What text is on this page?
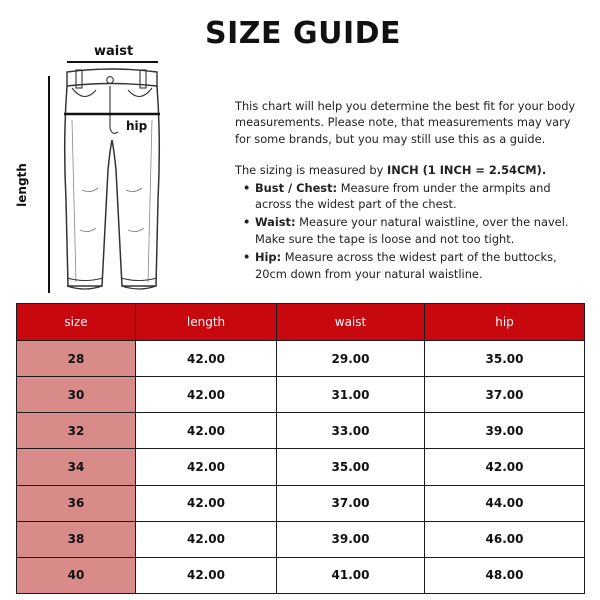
SIZE GUIDE
waist
hip
length

This chart will help you determine the best fit for your body measurements. Please note, that measurements may vary for some brands, but you may still use this as a guide.

The sizing is measured by INCH (1 INCH = 2.54CM).

• Bust / Chest: Measure from under the armpits and across the widest part of the chest.
• Waist: Measure your natural waistline, over the navel. Make sure the tape is loose and not too tight.
• Hip: Measure across the widest part of the buttocks, 20cm down from your natural waistline.
size	length	waist	hip
28	42.00	29.00	35.00
30	42.00	31.00	37.00
32	42.00	33.00	39.00
34	42.00	35.00	42.00
36	42.00	37.00	44.00
38	42.00	39.00	46.00
40	42.00	41.00	48.00
